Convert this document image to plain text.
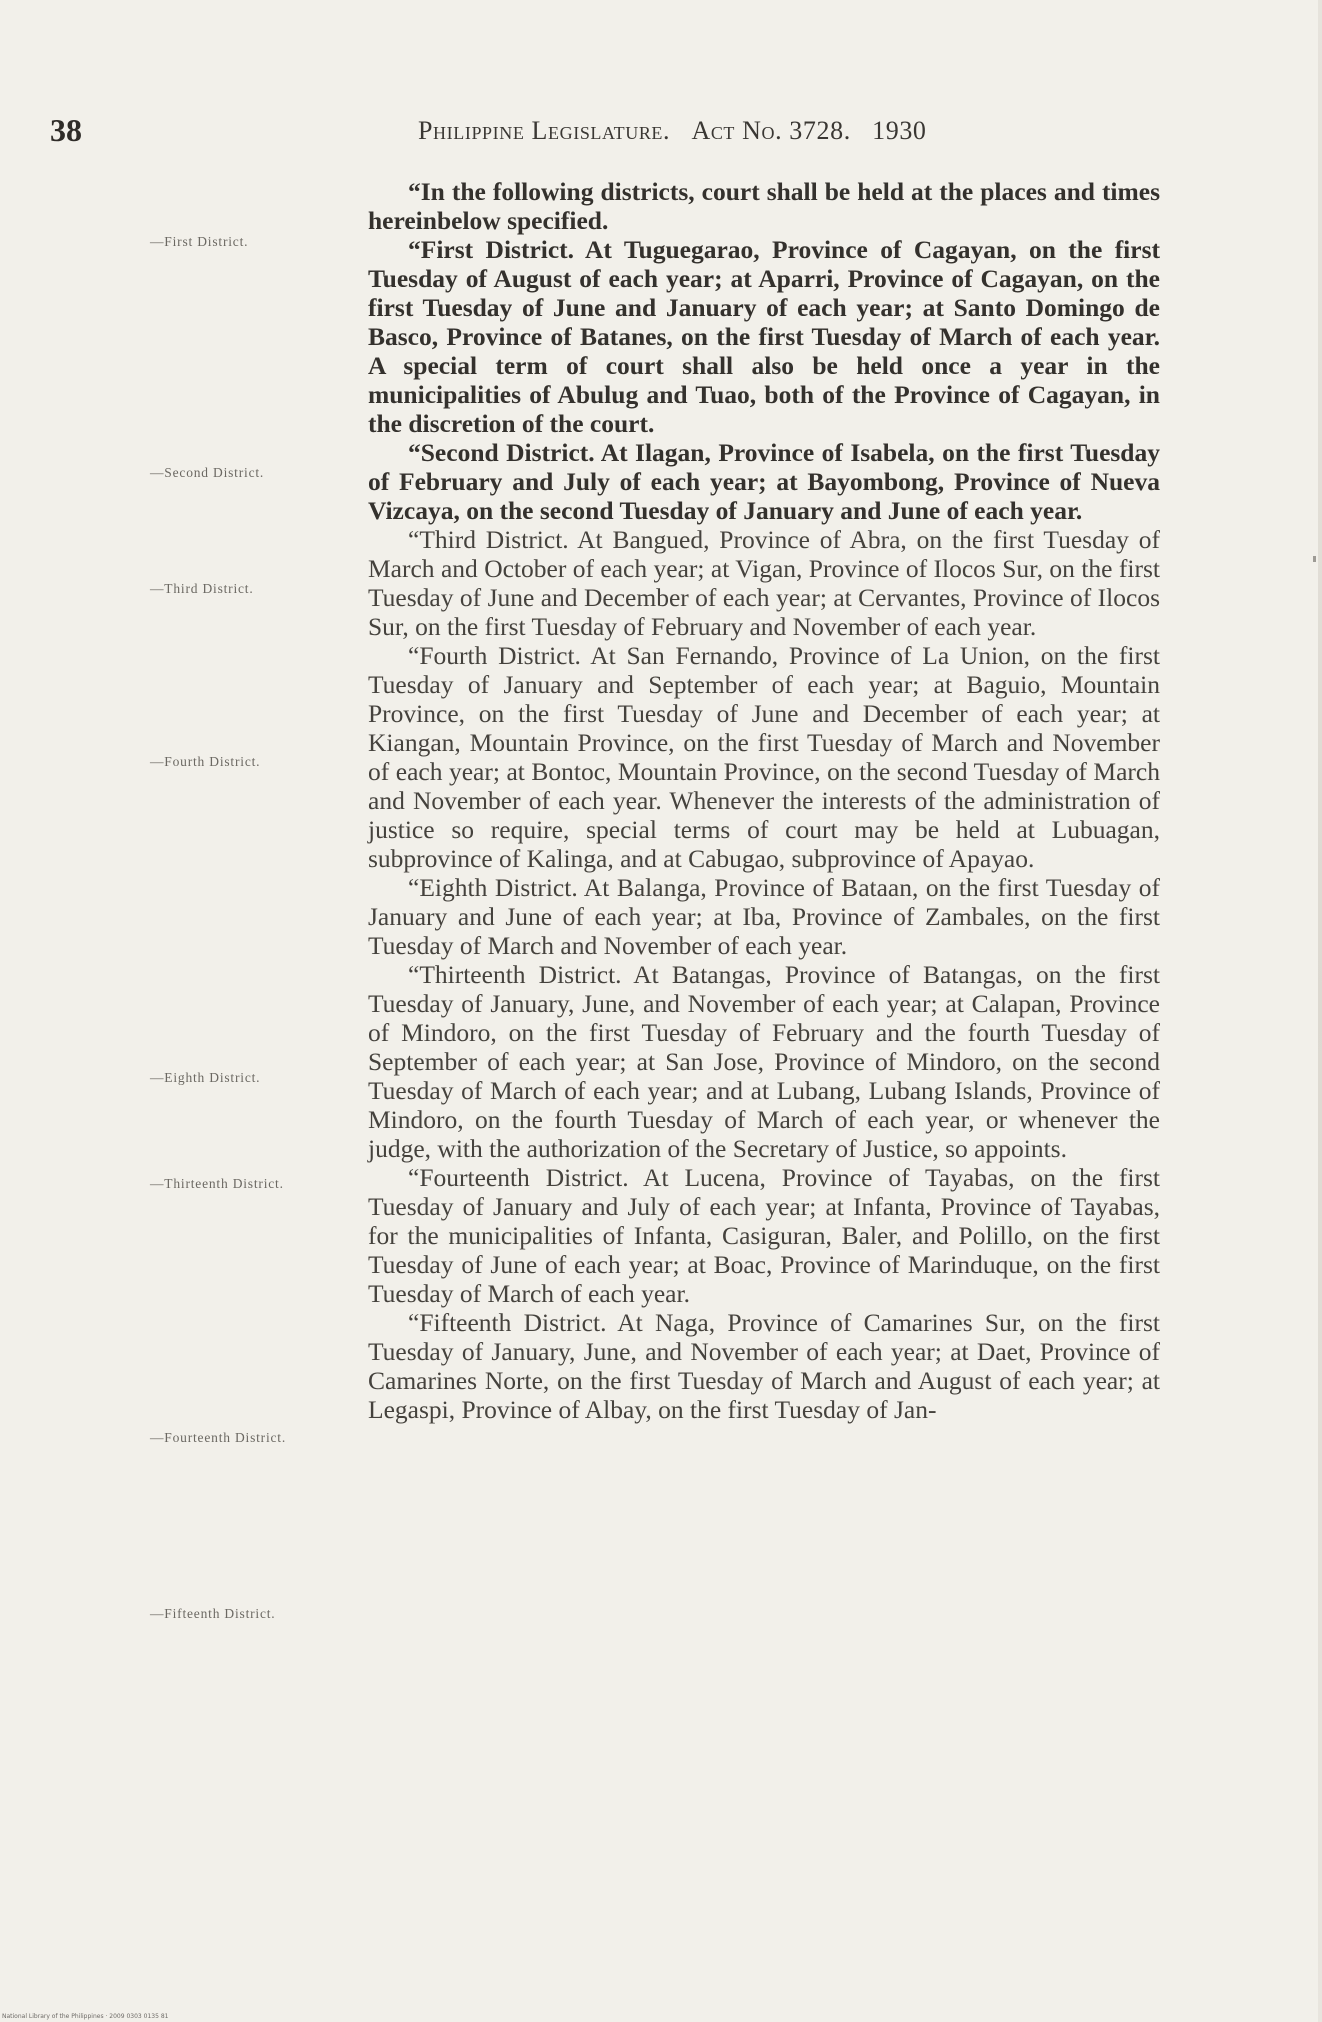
38	Philippine Legislature. Act No. 3728. 1930
—First District.
—Second District.
—Third District.
—Fourth District.
—Eighth District.
—Thirteenth District.
—Fourteenth District.
—Fifteenth District.

“In the following districts, court shall be held at the places and times hereinbelow specified.

“First District. At Tuguegarao, Province of Cagayan, on the first Tuesday of August of each year; at Aparri, Province of Cagayan, on the first Tuesday of June and January of each year; at Santo Domingo de Basco, Province of Batanes, on the first Tuesday of March of each year. A special term of court shall also be held once a year in the municipalities of Abulug and Tuao, both of the Province of Cagayan, in the discretion of the court.

“Second District. At Ilagan, Province of Isabela, on the first Tuesday of February and July of each year; at Bayombong, Province of Nueva Vizcaya, on the second Tuesday of January and June of each year.

“Third District. At Bangued, Province of Abra, on the first Tuesday of March and October of each year; at Vigan, Province of Ilocos Sur, on the first Tuesday of June and December of each year; at Cervantes, Province of Ilocos Sur, on the first Tuesday of February and November of each year.

“Fourth District. At San Fernando, Province of La Union, on the first Tuesday of January and September of each year; at Baguio, Mountain Province, on the first Tuesday of June and December of each year; at Kiangan, Mountain Province, on the first Tuesday of March and November of each year; at Bontoc, Mountain Province, on the second Tuesday of March and November of each year. Whenever the interests of the administration of justice so require, special terms of court may be held at Lubuagan, subprovince of Kalinga, and at Cabugao, subprovince of Apayao.

“Eighth District. At Balanga, Province of Bataan, on the first Tuesday of January and June of each year; at Iba, Province of Zambales, on the first Tuesday of March and November of each year.

“Thirteenth District. At Batangas, Province of Batangas, on the first Tuesday of January, June, and November of each year; at Calapan, Province of Mindoro, on the first Tuesday of February and the fourth Tuesday of September of each year; at San Jose, Province of Mindoro, on the second Tuesday of March of each year; and at Lubang, Lubang Islands, Province of Mindoro, on the fourth Tuesday of March of each year, or whenever the judge, with the authorization of the Secretary of Justice, so appoints.

“Fourteenth District. At Lucena, Province of Tayabas, on the first Tuesday of January and July of each year; at Infanta, Province of Tayabas, for the municipalities of Infanta, Casiguran, Baler, and Polillo, on the first Tuesday of June of each year; at Boac, Province of Marinduque, on the first Tuesday of March of each year.

“Fifteenth District. At Naga, Province of Camarines Sur, on the first Tuesday of January, June, and November of each year; at Daet, Province of Camarines Norte, on the first Tuesday of March and August of each year; at Legaspi, Province of Albay, on the first Tuesday of Jan-

National Library of the Philippines · 2009 0303 0135 81
